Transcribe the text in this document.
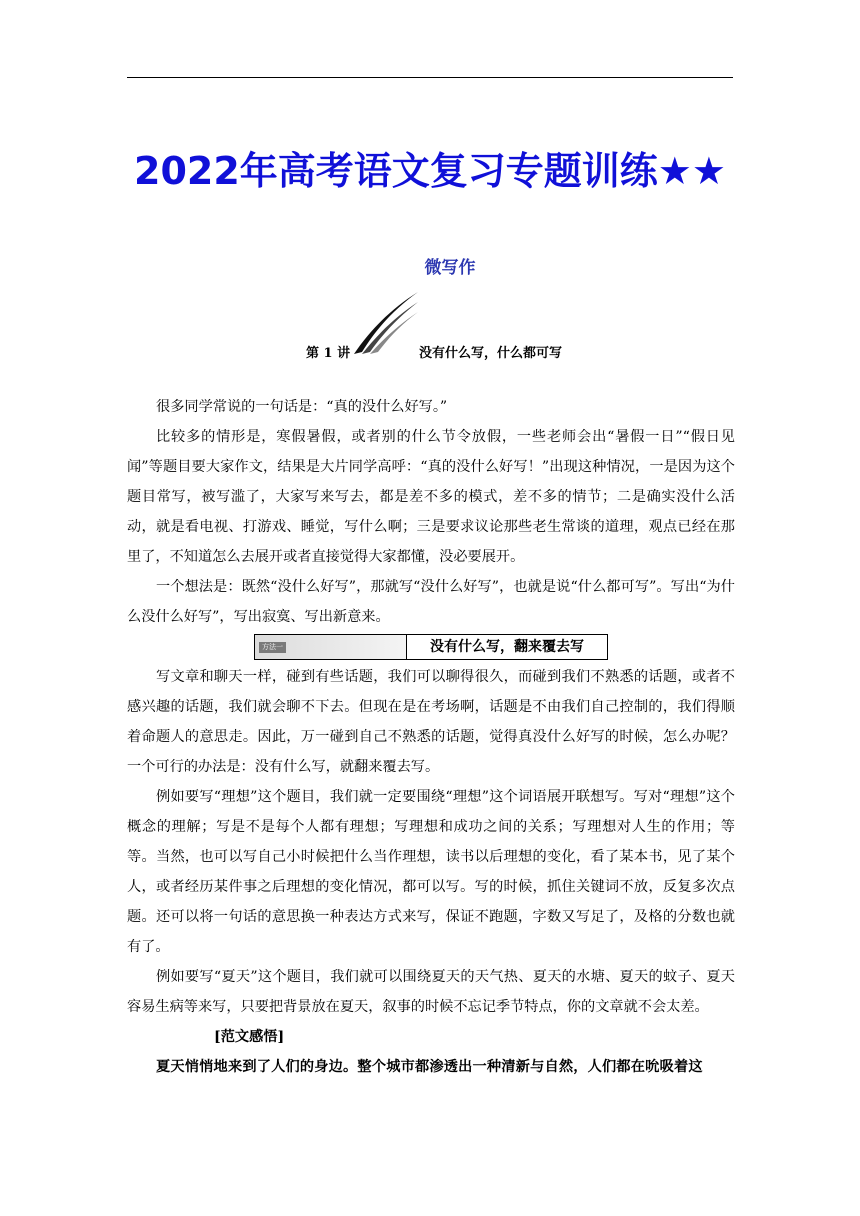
2022年高考语文复习专题训练★★
微写作
第 1 讲	没有什么写，什么都可写

很多同学常说的一句话是：“真的没什么好写。”

比较多的情形是，寒假暑假，或者别的什么节令放假，一些老师会出“暑假一日”“假日见闻”等题目要大家作文，结果是大片同学高呼：“真的没什么好写！”出现这种情况，一是因为这个题目常写，被写滥了，大家写来写去，都是差不多的模式，差不多的情节；二是确实没什么活动，就是看电视、打游戏、睡觉，写什么啊；三是要求议论那些老生常谈的道理，观点已经在那里了，不知道怎么去展开或者直接觉得大家都懂，没必要展开。

一个想法是：既然“没什么好写”，那就写“没什么好写”，也就是说“什么都可写”。写出“为什么没什么好写”，写出寂寞、写出新意来。

方法一	没有什么写，翻来覆去写

写文章和聊天一样，碰到有些话题，我们可以聊得很久，而碰到我们不熟悉的话题，或者不感兴趣的话题，我们就会聊不下去。但现在是在考场啊，话题是不由我们自己控制的，我们得顺着命题人的意思走。因此，万一碰到自己不熟悉的话题，觉得真没什么好写的时候，怎么办呢？一个可行的办法是：没有什么写，就翻来覆去写。

例如要写“理想”这个题目，我们就一定要围绕“理想”这个词语展开联想写。写对“理想”这个概念的理解；写是不是每个人都有理想；写理想和成功之间的关系；写理想对人生的作用；等等。当然，也可以写自己小时候把什么当作理想，读书以后理想的变化，看了某本书，见了某个人，或者经历某件事之后理想的变化情况，都可以写。写的时候，抓住关键词不放，反复多次点题。还可以将一句话的意思换一种表达方式来写，保证不跑题，字数又写足了，及格的分数也就有了。

例如要写“夏天”这个题目，我们就可以围绕夏天的天气热、夏天的水塘、夏天的蚊子、夏天容易生病等来写，只要把背景放在夏天，叙事的时候不忘记季节特点，你的文章就不会太差。

[范文感悟]

夏天悄悄地来到了人们的身边。整个城市都渗透出一种清新与自然，人们都在吮吸着这
